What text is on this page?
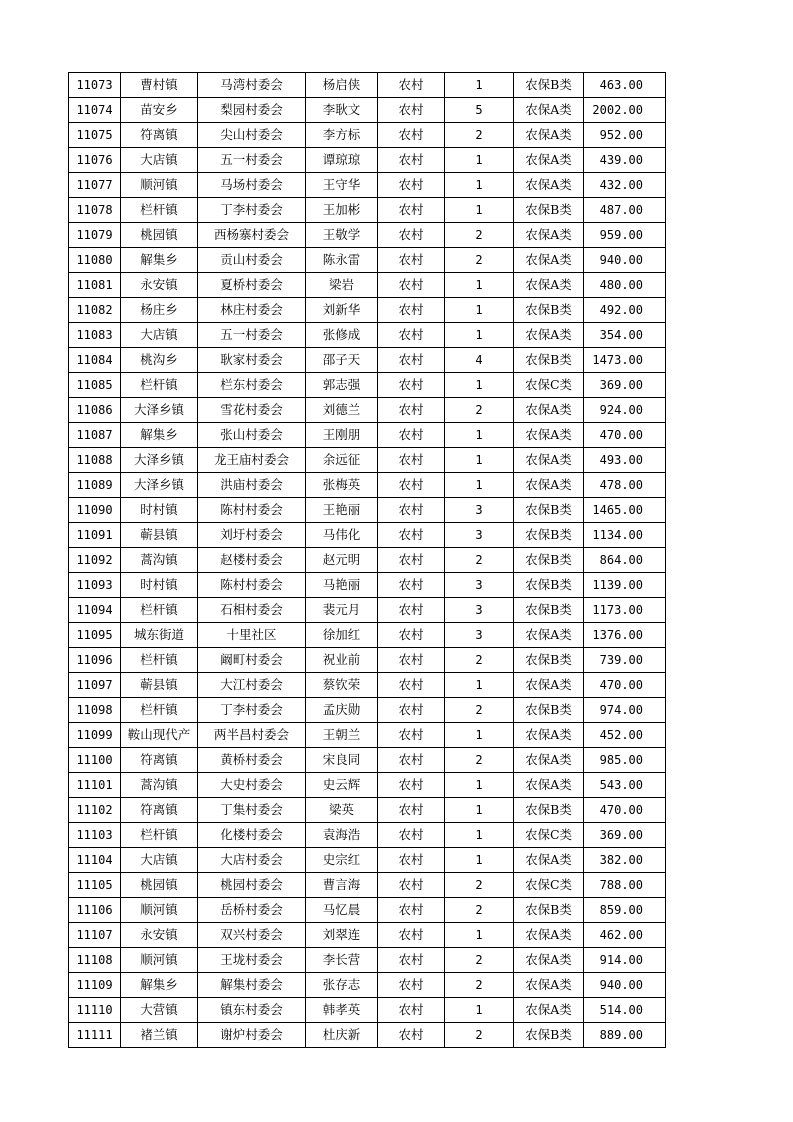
11073	曹村镇	马湾村委会	杨启侠	农村	1	农保B类	463.00
11074	苗安乡	梨园村委会	李耿文	农村	5	农保A类	2002.00
11075	符离镇	尖山村委会	李方标	农村	2	农保A类	952.00
11076	大店镇	五一村委会	谭琼琼	农村	1	农保A类	439.00
11077	顺河镇	马场村委会	王守华	农村	1	农保A类	432.00
11078	栏杆镇	丁李村委会	王加彬	农村	1	农保B类	487.00
11079	桃园镇	西杨寨村委会	王敬学	农村	2	农保A类	959.00
11080	解集乡	贡山村委会	陈永雷	农村	2	农保A类	940.00
11081	永安镇	夏桥村委会	梁岩	农村	1	农保A类	480.00
11082	杨庄乡	林庄村委会	刘新华	农村	1	农保B类	492.00
11083	大店镇	五一村委会	张修成	农村	1	农保A类	354.00
11084	桃沟乡	耿家村委会	邵子天	农村	4	农保B类	1473.00
11085	栏杆镇	栏东村委会	郭志强	农村	1	农保C类	369.00
11086	大泽乡镇	雪花村委会	刘德兰	农村	2	农保A类	924.00
11087	解集乡	张山村委会	王刚朋	农村	1	农保A类	470.00
11088	大泽乡镇	龙王庙村委会	余远征	农村	1	农保A类	493.00
11089	大泽乡镇	洪庙村委会	张梅英	农村	1	农保A类	478.00
11090	时村镇	陈村村委会	王艳丽	农村	3	农保B类	1465.00
11091	蕲县镇	刘圩村委会	马伟化	农村	3	农保B类	1134.00
11092	蒿沟镇	赵楼村委会	赵元明	农村	2	农保B类	864.00
11093	时村镇	陈村村委会	马艳丽	农村	3	农保B类	1139.00
11094	栏杆镇	石相村委会	裴元月	农村	3	农保B类	1173.00
11095	城东街道	十里社区	徐加红	农村	3	农保A类	1376.00
11096	栏杆镇	阚町村委会	祝业前	农村	2	农保B类	739.00
11097	蕲县镇	大江村委会	蔡钦荣	农村	1	农保A类	470.00
11098	栏杆镇	丁李村委会	孟庆勋	农村	2	农保B类	974.00
11099	鞍山现代产	两半昌村委会	王朝兰	农村	1	农保A类	452.00
11100	符离镇	黄桥村委会	宋良同	农村	2	农保A类	985.00
11101	蒿沟镇	大史村委会	史云辉	农村	1	农保A类	543.00
11102	符离镇	丁集村委会	梁英	农村	1	农保B类	470.00
11103	栏杆镇	化楼村委会	袁海浩	农村	1	农保C类	369.00
11104	大店镇	大店村委会	史宗红	农村	1	农保A类	382.00
11105	桃园镇	桃园村委会	曹言海	农村	2	农保C类	788.00
11106	顺河镇	岳桥村委会	马忆晨	农村	2	农保B类	859.00
11107	永安镇	双兴村委会	刘翠连	农村	1	农保A类	462.00
11108	顺河镇	王垅村委会	李长营	农村	2	农保A类	914.00
11109	解集乡	解集村委会	张存志	农村	2	农保A类	940.00
11110	大营镇	镇东村委会	韩孝英	农村	1	农保A类	514.00
11111	褚兰镇	谢炉村委会	杜庆新	农村	2	农保B类	889.00
